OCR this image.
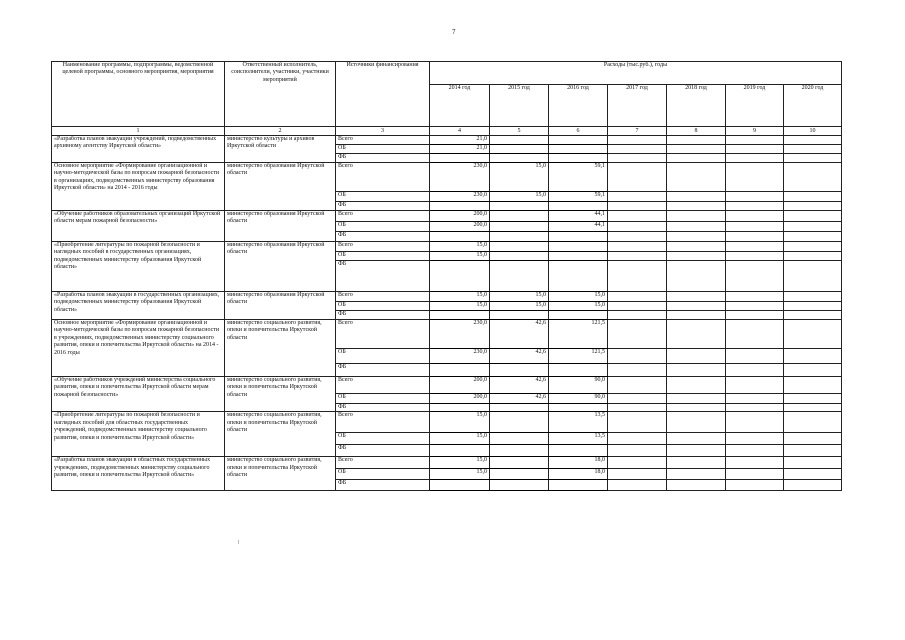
7
Наименование программы, подпрограммы, ведомственной целевой программы, основного мероприятия, мероприятия	Ответственный исполнитель, соисполнители, участники, участники мероприятий	Источники финансирования	Расходы (тыс.руб.), годы						
			2014 год	2015 год	2016 год	2017 год	2018 год	2019 год	2020 год
1	2	3	4	5	6	7	8	9	10
«Разработка планов эвакуации учреждений, подведомственных архивному агентству Иркутской области»	министерство культуры и архивов Иркутской области	Всего	21,0						
		ОБ	21,0						
		ФБ							
Основное мероприятие «Формирование организационной и научно-методической базы по вопросам пожарной безопасности в организациях, подведомственных министерству образования Иркутской области» на 2014 - 2016 годы	министерство образования Иркутской области	Всего	230,0	15,0	59,1				
		ОБ	230,0	15,0	59,1				
		ФБ							
«Обучение работников образовательных организаций Иркутской области мерам пожарной безопасности»	министерство образования Иркутской области	Всего	200,0		44,1				
		ОБ	200,0		44,1				
		ФБ							
«Приобретение литературы по пожарной безопасности и наглядных пособий в государственных организациях, подведомственных министерству образования Иркутской области»	министерство образования Иркутской области	Всего	15,0						
		ОБ	15,0						
		ФБ							
«Разработка планов эвакуации в государственных организациях, подведомственных министерству образования Иркутской области»	министерство образования Иркутской области	Всего	15,0	15,0	15,0				
		ОБ	15,0	15,0	15,0				
		ФБ							
Основное мероприятие «Формирование организационной и научно-методической базы по вопросам пожарной безопасности в учреждениях, подведомственных министерству социального развития, опеки и попечительства Иркутской области» на 2014 - 2016 годы	министерство социального развития, опеки и попечительства Иркутской области	Всего	230,0	42,6	121,5				
		ОБ	230,0	42,6	121,5				
		ФБ							
«Обучение работников учреждений министерства социального развития, опеки и попечительства Иркутской области мерам пожарной безопасности»	министерство социального развития, опеки и попечительства Иркутской области	Всего	200,0	42,6	90,0				
		ОБ	200,0	42,6	90,0				
		ФБ							
«Приобретение литературы по пожарной безопасности и наглядных пособий для областных государственных учреждений, подведомственных министерству социального развития, опеки и попечительства Иркутской области»	министерство социального развития, опеки и попечительства Иркутской области	Всего	15,0		13,5				
		ОБ	15,0		13,5				
		ФБ							
«Разработка планов эвакуации в областных государственных учреждениях, подведомственных министерству социального развития, опеки и попечительства Иркутской области»	министерство социального развития, опеки и попечительства Иркутской области	Всего	15,0		18,0				
		ОБ	15,0		18,0				
		ФБ							
